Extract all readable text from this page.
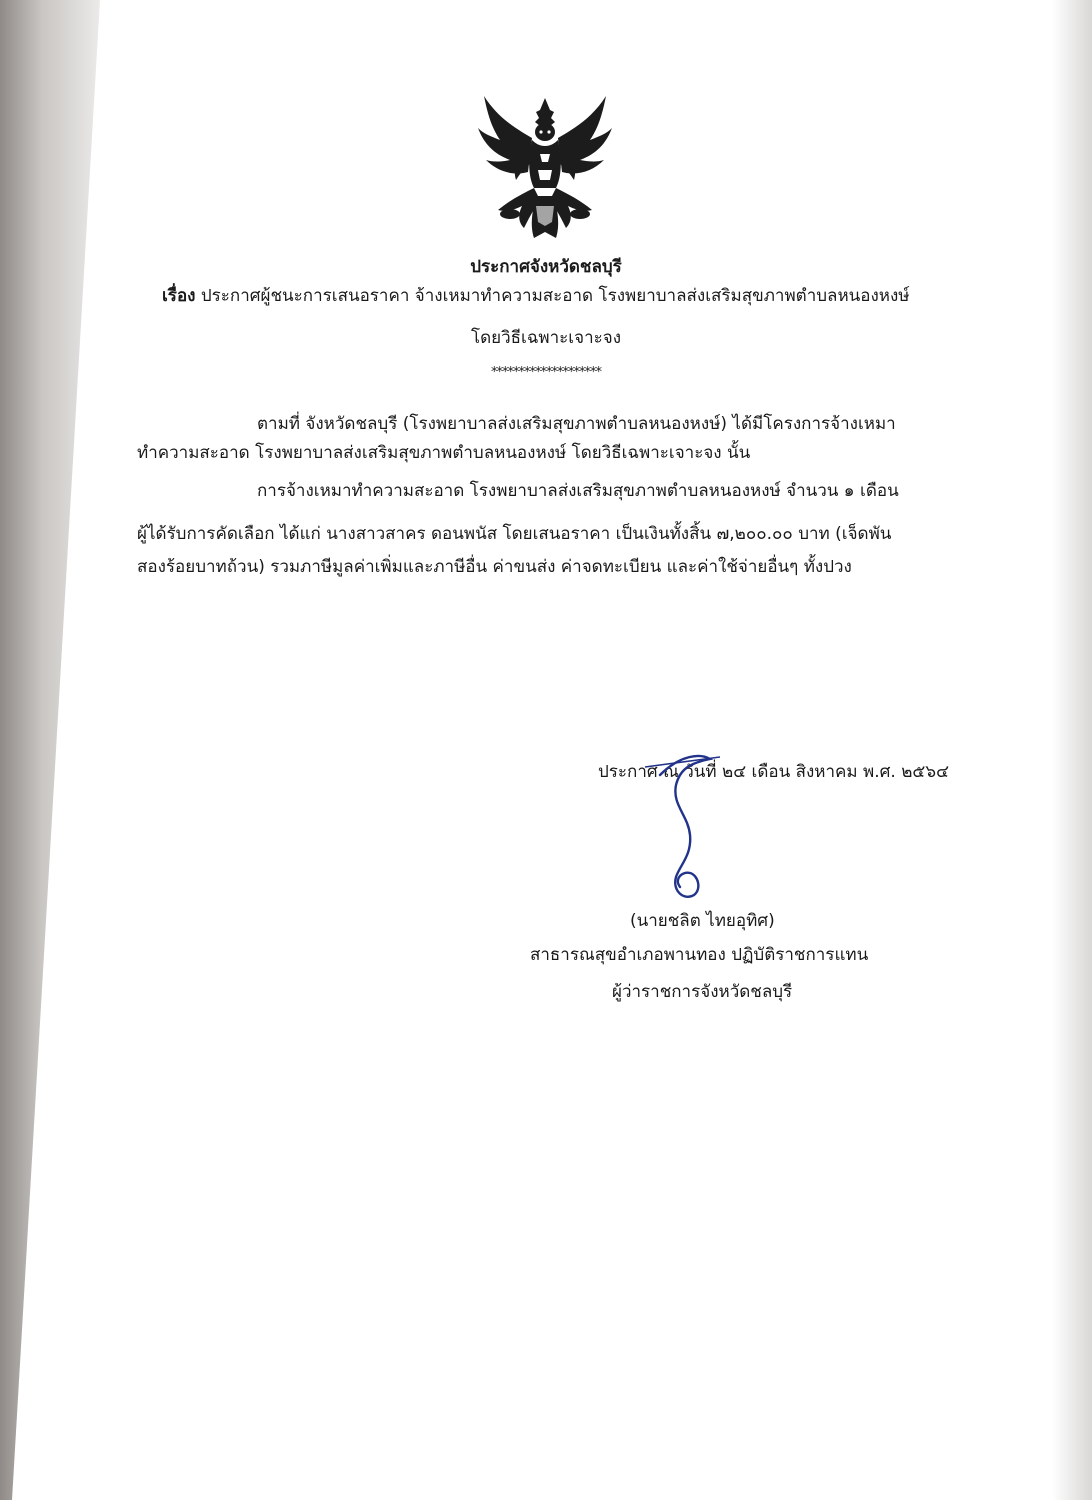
ประกาศจังหวัดชลบุรี
เรื่อง ประกาศผู้ชนะการเสนอราคา จ้างเหมาทำความสะอาด โรงพยาบาลส่งเสริมสุขภาพตำบลหนองหงษ์
โดยวิธีเฉพาะเจาะจง
********************
ตามที่ จังหวัดชลบุรี (โรงพยาบาลส่งเสริมสุขภาพตำบลหนองหงษ์) ได้มีโครงการจ้างเหมา
ทำความสะอาด โรงพยาบาลส่งเสริมสุขภาพตำบลหนองหงษ์ โดยวิธีเฉพาะเจาะจง นั้น
การจ้างเหมาทำความสะอาด โรงพยาบาลส่งเสริมสุขภาพตำบลหนองหงษ์ จำนวน ๑ เดือน
ผู้ได้รับการคัดเลือก ได้แก่ นางสาวสาคร ดอนพนัส โดยเสนอราคา เป็นเงินทั้งสิ้น ๗,๒๐๐.๐๐ บาท (เจ็ดพัน
สองร้อยบาทถ้วน) รวมภาษีมูลค่าเพิ่มและภาษีอื่น ค่าขนส่ง ค่าจดทะเบียน และค่าใช้จ่ายอื่นๆ ทั้งปวง
ประกาศ ณ วันที่ ๒๔ เดือน สิงหาคม พ.ศ. ๒๕๖๔
(นายชลิต ไทยอุทิศ)
สาธารณสุขอำเภอพานทอง ปฏิบัติราชการแทน
ผู้ว่าราชการจังหวัดชลบุรี
